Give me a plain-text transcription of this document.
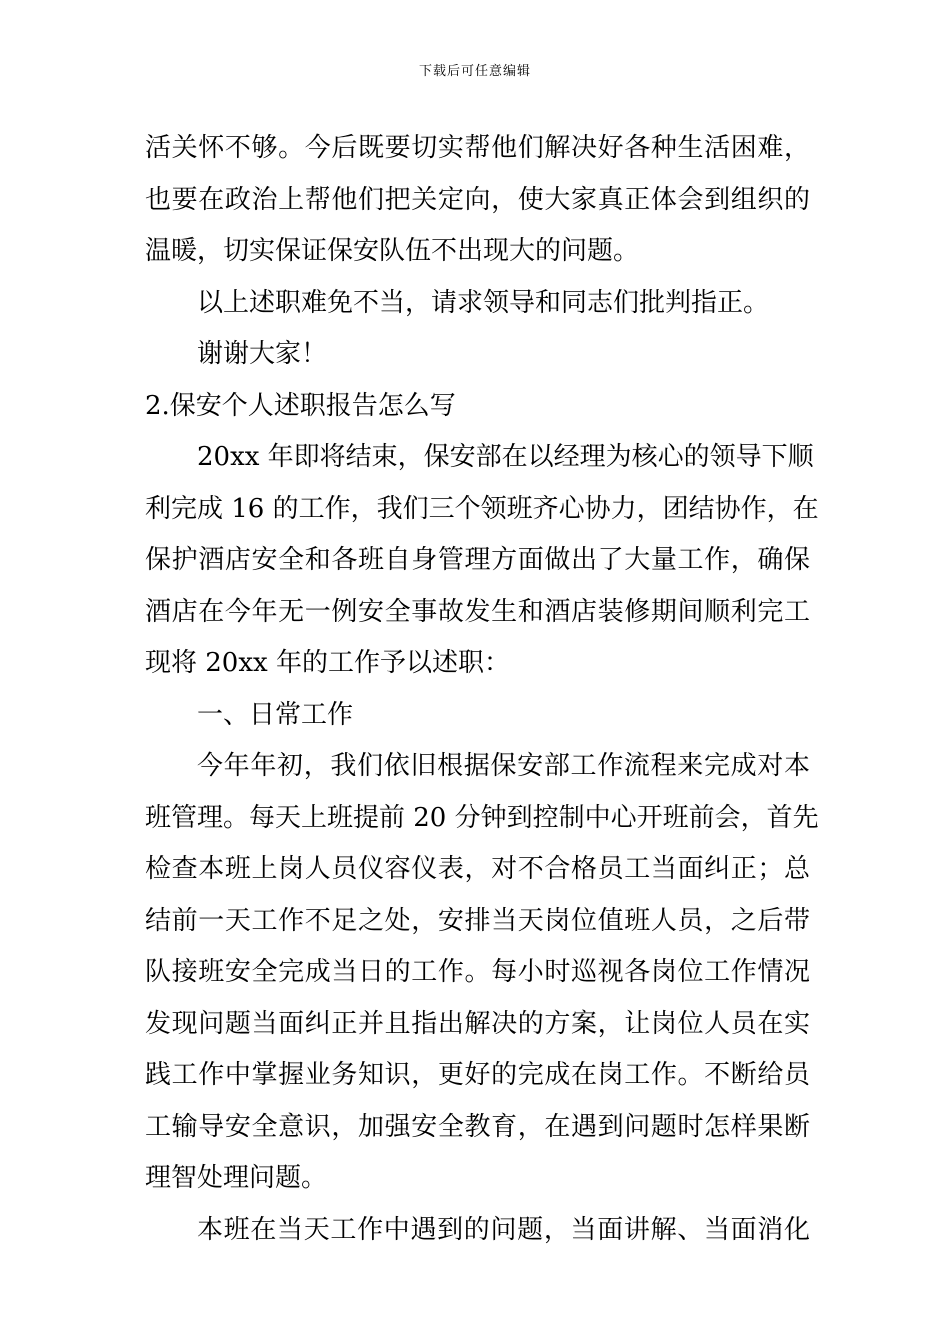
下载后可任意编辑
活关怀不够。今后既要切实帮他们解决好各种生活困难，
也要在政治上帮他们把关定向，使大家真正体会到组织的
温暖，切实保证保安队伍不出现大的问题。
以上述职难免不当，请求领导和同志们批判指正。
谢谢大家！
2.保安个人述职报告怎么写
20xx 年即将结束，保安部在以经理为核心的领导下顺
利完成 16 的工作，我们三个领班齐心协力，团结协作，在
保护酒店安全和各班自身管理方面做出了大量工作，确保
酒店在今年无一例安全事故发生和酒店装修期间顺利完工
现将 20xx 年的工作予以述职：
一、日常工作
今年年初，我们依旧根据保安部工作流程来完成对本
班管理。每天上班提前 20 分钟到控制中心开班前会，首先
检查本班上岗人员仪容仪表，对不合格员工当面纠正；总
结前一天工作不足之处，安排当天岗位值班人员，之后带
队接班安全完成当日的工作。每小时巡视各岗位工作情况
发现问题当面纠正并且指出解决的方案，让岗位人员在实
践工作中掌握业务知识，更好的完成在岗工作。不断给员
工输导安全意识，加强安全教育，在遇到问题时怎样果断
理智处理问题。
本班在当天工作中遇到的问题，当面讲解、当面消化
